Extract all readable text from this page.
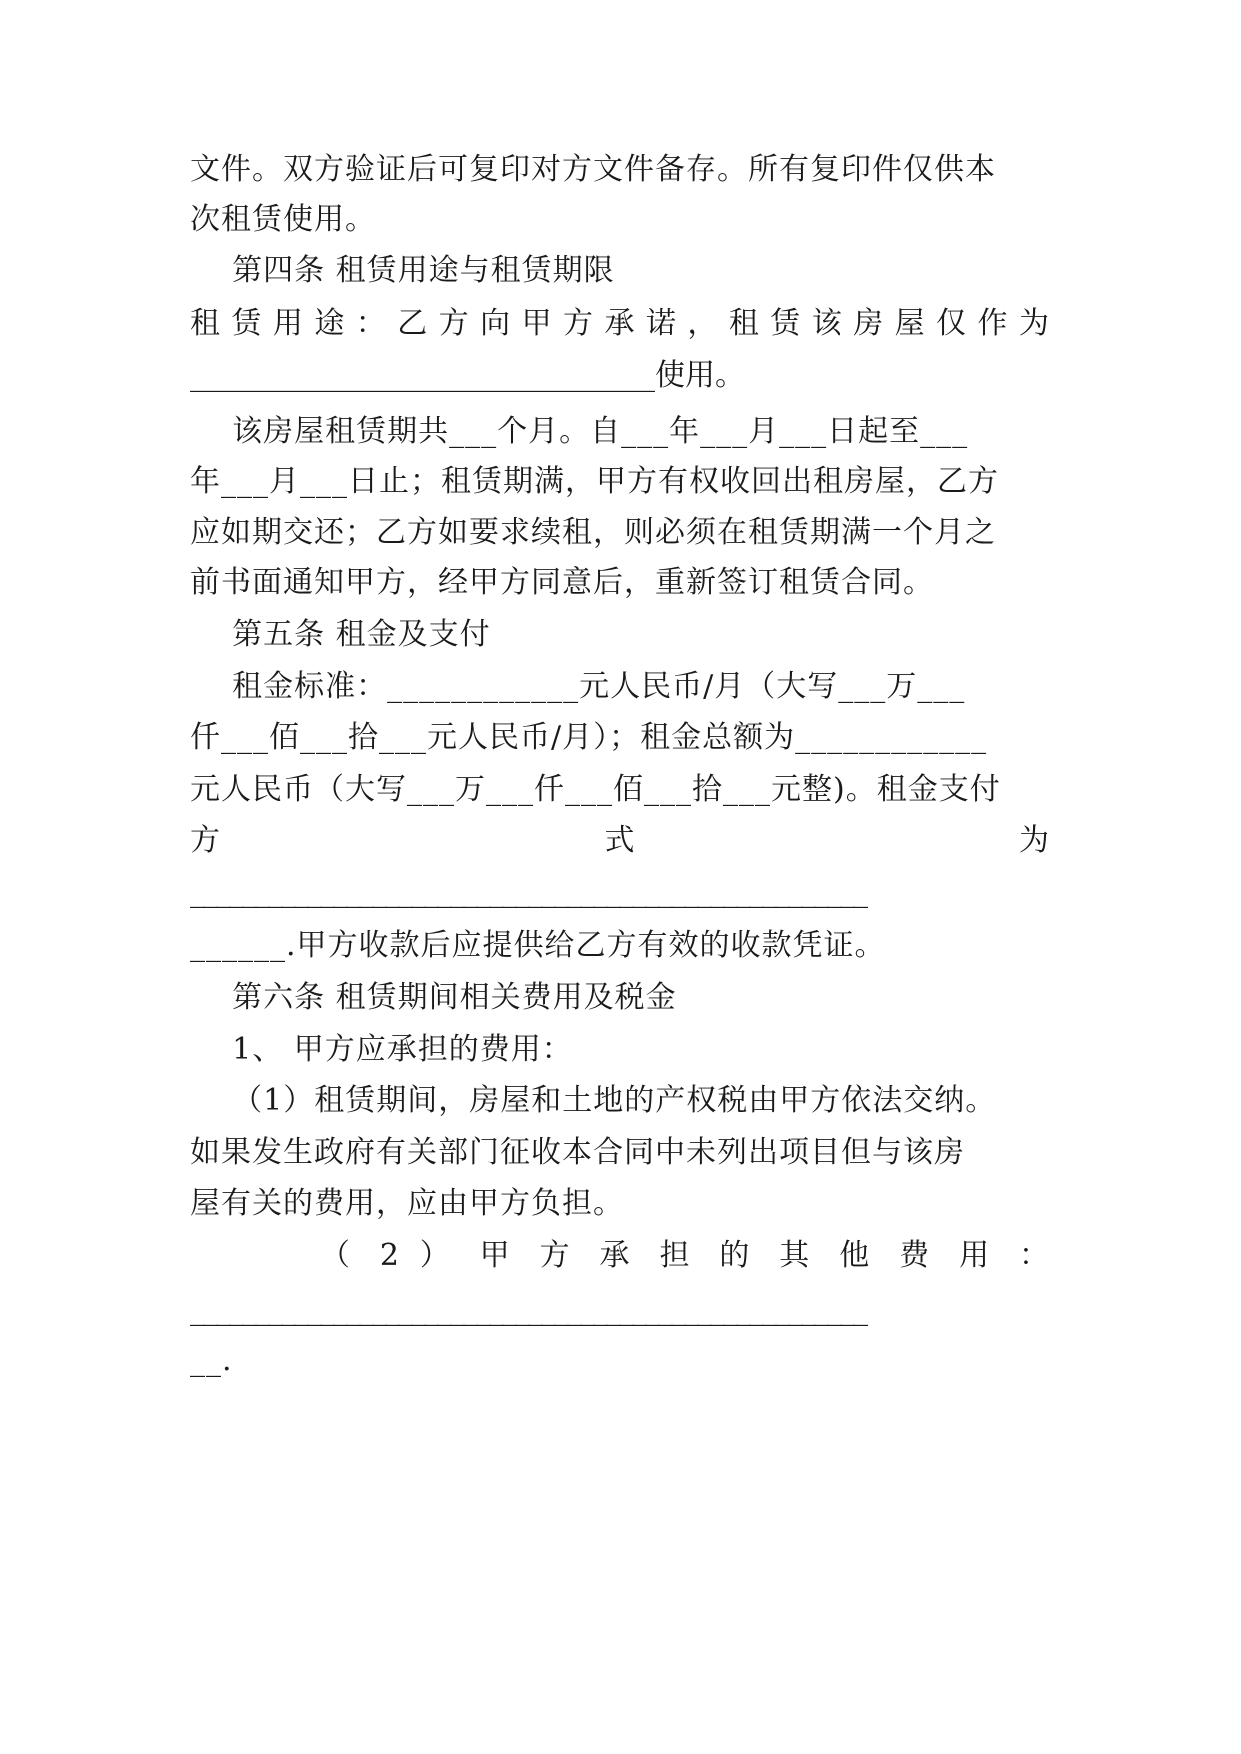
文件。双方验证后可复印对方文件备存。所有复印件仅供本
次租赁使用。
第四条 租赁用途与租赁期限
租赁用途：乙方向甲方承诺，租赁该房屋仅作为
_______________________________使用。
该房屋租赁期共___个月。自___年___月___日起至___
年___月___日止；租赁期满，甲方有权收回出租房屋，乙方
应如期交还；乙方如要求续租，则必须在租赁期满一个月之
前书面通知甲方，经甲方同意后，重新签订租赁合同。
第五条 租金及支付
租金标准：____________元人民币/月（大写___万___
仟___佰___拾___元人民币/月）；租金总额为____________
元人民币（大写___万___仟___佰___拾___元整)。租金支付
方 式 为
____________________________________________________
______.甲方收款后应提供给乙方有效的收款凭证。
第六条 租赁期间相关费用及税金
1、 甲方应承担的费用：
（1）租赁期间，房屋和土地的产权税由甲方依法交纳。
如果发生政府有关部门征收本合同中未列出项目但与该房
屋有关的费用，应由甲方负担。
（ 2 ） 甲 方 承 担 的 其 他 费 用 ：
____________________________________________________
__.
